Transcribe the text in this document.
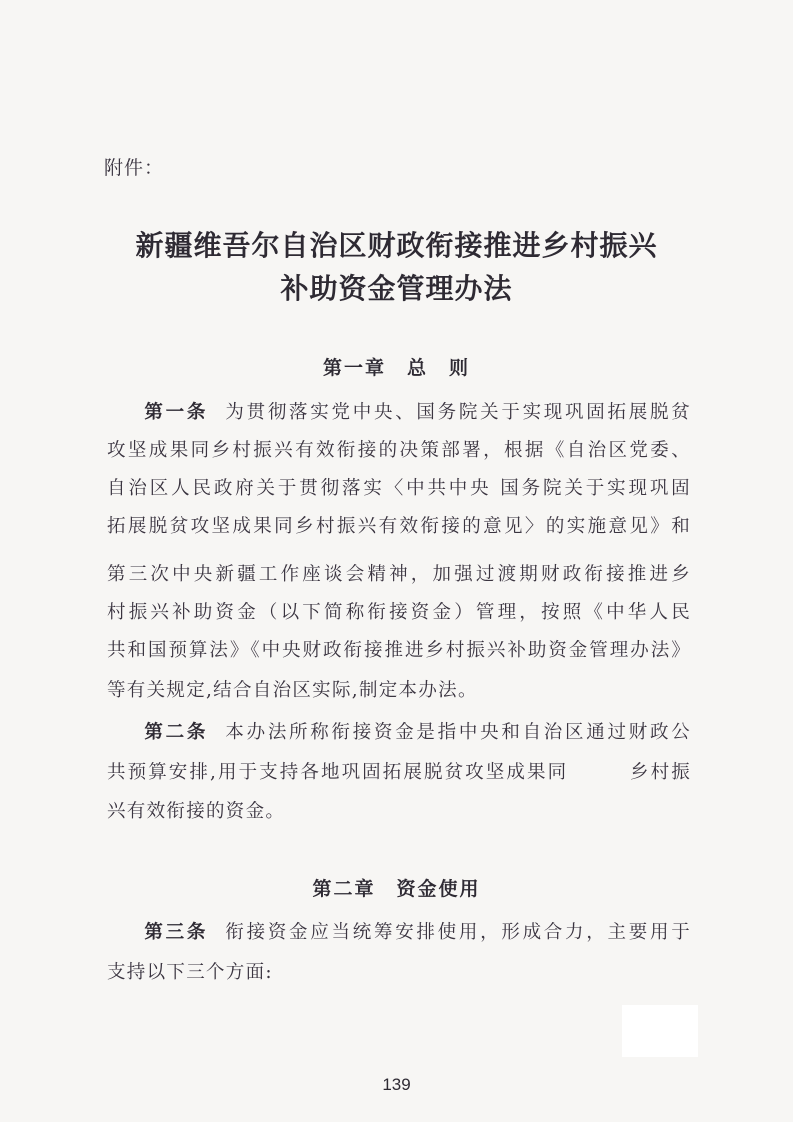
附件：
新疆维吾尔自治区财政衔接推进乡村振兴
补助资金管理办法
第一章　总　则
第一条 为贯彻落实党中央、国务院关于实现巩固拓展脱贫
攻坚成果同乡村振兴有效衔接的决策部署，根据《自治区党委、
自治区人民政府关于贯彻落实〈中共中央 国务院关于实现巩固
拓展脱贫攻坚成果同乡村振兴有效衔接的意见〉的实施意见》和
第三次中央新疆工作座谈会精神，加强过渡期财政衔接推进乡
村振兴补助资金（以下简称衔接资金）管理，按照《中华人民
共和国预算法》《中央财政衔接推进乡村振兴补助资金管理办法》
等有关规定,结合自治区实际,制定本办法。
第二条 本办法所称衔接资金是指中央和自治区通过财政公
共预算安排,用于支持各地巩固拓展脱贫攻坚成果同　　　乡村振
兴有效衔接的资金。
第二章　资金使用
第三条 衔接资金应当统筹安排使用，形成合力，主要用于
支持以下三个方面:
139
